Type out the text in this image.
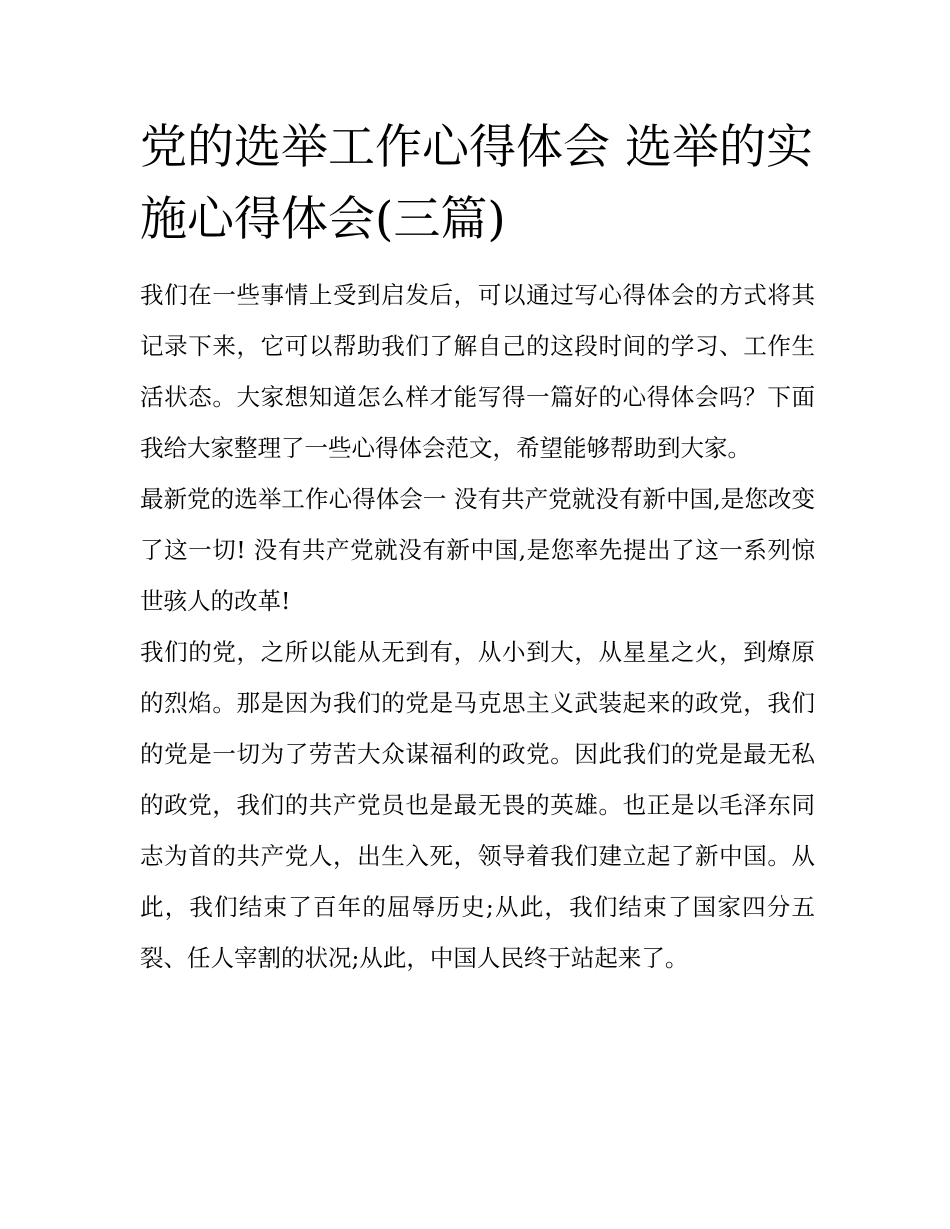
党的选举工作心得体会 选举的实施心得体会(三篇)

我们在一些事情上受到启发后，可以通过写心得体会的方式将其记录下来，它可以帮助我们了解自己的这段时间的学习、工作生活状态。大家想知道怎么样才能写得一篇好的心得体会吗？下面我给大家整理了一些心得体会范文，希望能够帮助到大家。

最新党的选举工作心得体会一 没有共产党就没有新中国,是您改变了这一切! 没有共产党就没有新中国,是您率先提出了这一系列惊世骇人的改革!

我们的党，之所以能从无到有，从小到大，从星星之火，到燎原的烈焰。那是因为我们的党是马克思主义武装起来的政党，我们的党是一切为了劳苦大众谋福利的政党。因此我们的党是最无私的政党，我们的共产党员也是最无畏的英雄。也正是以毛泽东同志为首的共产党人，出生入死，领导着我们建立起了新中国。从此，我们结束了百年的屈辱历史;从此，我们结束了国家四分五裂、任人宰割的状况;从此，中国人民终于站起来了。
